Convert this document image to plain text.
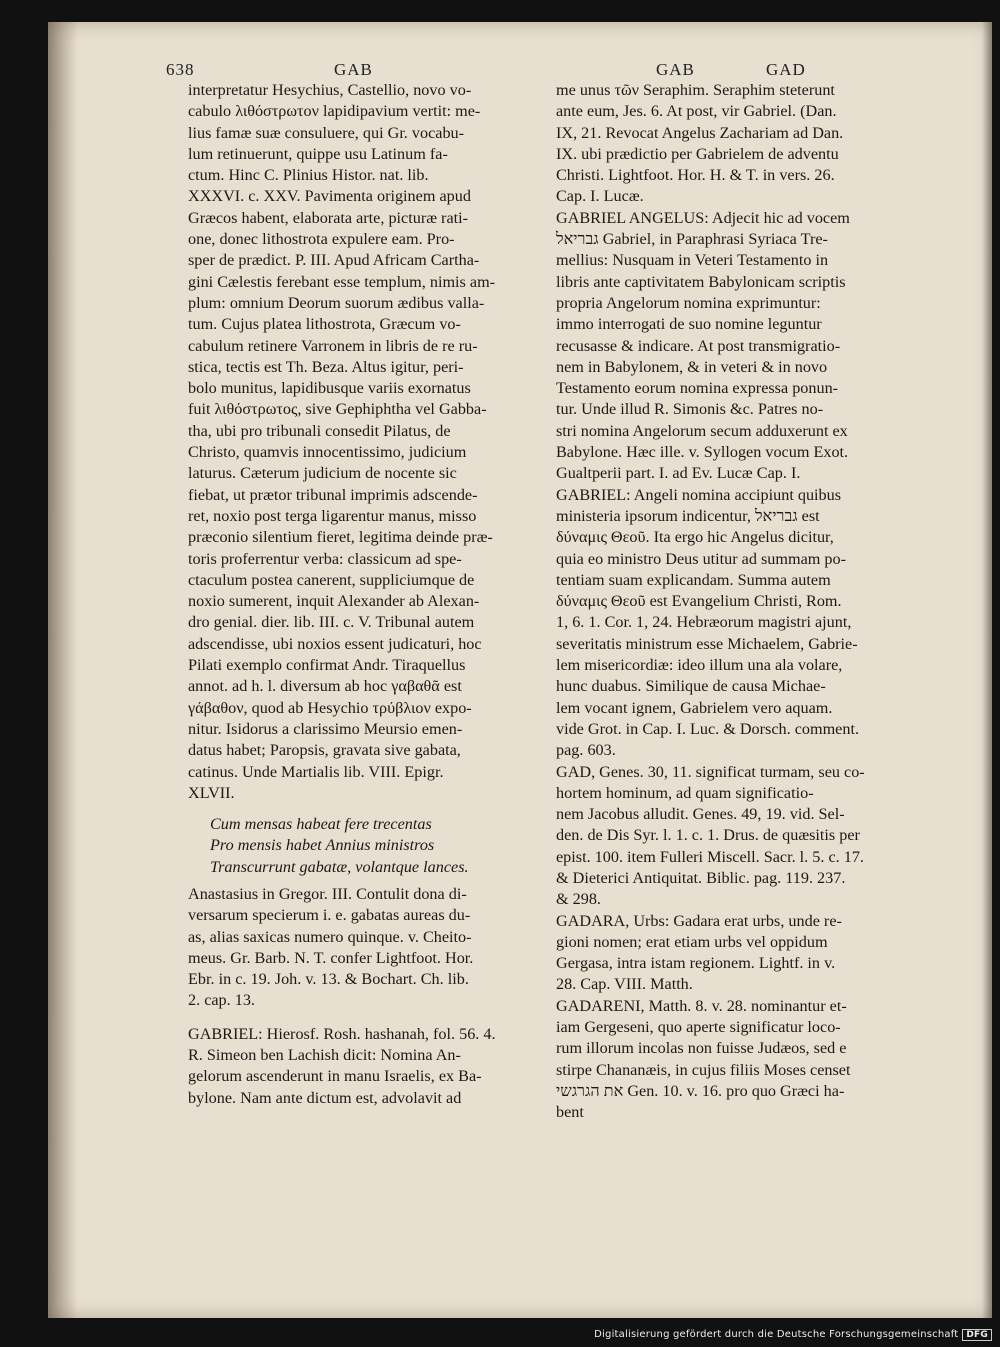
638	GAB	GAB	GAD
interpretatur Hesychius, Castellio, novo vo-
cabulo λιθόστρωτον lapidipavium vertit: me-
lius famæ suæ consuluere, qui Gr. vocabu-
lum retinuerunt, quippe usu Latinum fa-
ctum. Hinc C. Plinius Histor. nat. lib.
XXXVI. c. XXV. Pavimenta originem apud
Græcos habent, elaborata arte, picturæ rati-
one, donec lithostrota expulere eam. Pro-
sper de prædict. P. III. Apud Africam Cartha-
gini Cælestis ferebant esse templum, nimis am-
plum: omnium Deorum suorum ædibus valla-
tum. Cujus platea lithostrota, Græcum vo-
cabulum retinere Varronem in libris de re ru-
stica, tectis est Th. Beza. Altus igitur, peri-
bolo munitus, lapidibusque variis exornatus
fuit λιθόστρωτος, sive Gephiphtha vel Gabba-
tha, ubi pro tribunali consedit Pilatus, de
Christo, quamvis innocentissimo, judicium
laturus. Cæterum judicium de nocente sic
fiebat, ut prætor tribunal imprimis adscende-
ret, noxio post terga ligarentur manus, misso
præconio silentium fieret, legitima deinde præ-
toris proferrentur verba: classicum ad spe-
ctaculum postea canerent, suppliciumque de
noxio sumerent, inquit Alexander ab Alexan-
dro genial. dier. lib. III. c. V. Tribunal autem
adscendisse, ubi noxios essent judicaturi, hoc
Pilati exemplo confirmat Andr. Tiraquellus
annot. ad h. l. diversum ab hoc γαβαθᾶ est
γάβαθον, quod ab Hesychio τρύβλιον expo-
nitur. Isidorus a clarissimo Meursio emen-
datus habet; Paropsis, gravata sive gabata,
catinus. Unde Martialis lib. VIII. Epigr.
XLVII.
Cum mensas habeat fere trecentas
Pro mensis habet Annius ministros
Transcurrunt gabatæ, volantque lances.
Anastasius in Gregor. III. Contulit dona di-
versarum specierum i. e. gabatas aureas du-
as, alias saxicas numero quinque. v. Cheito-
meus. Gr. Barb. N. T. confer Lightfoot. Hor.
Ebr. in c. 19. Joh. v. 13. & Bochart. Ch. lib.
2. cap. 13.
GABRIEL: Hierosf. Rosh. hashanah, fol. 56. 4.
R. Simeon ben Lachish dicit: Nomina An-
gelorum ascenderunt in manu Israelis, ex Ba-
bylone. Nam ante dictum est, advolavit ad
me unus τῶν Seraphim. Seraphim steterunt
ante eum, Jes. 6. At post, vir Gabriel. (Dan.
IX, 21. Revocat Angelus Zachariam ad Dan.
IX. ubi prædictio per Gabrielem de adventu
Christi. Lightfoot. Hor. H. & T. in vers. 26.
Cap. I. Lucæ.
GABRIEL ANGELUS: Adjecit hic ad vocem
גבריאל Gabriel, in Paraphrasi Syriaca Tre-
mellius: Nusquam in Veteri Testamento in
libris ante captivitatem Babylonicam scriptis
propria Angelorum nomina exprimuntur:
immo interrogati de suo nomine leguntur
recusasse & indicare. At post transmigratio-
nem in Babylonem, & in veteri & in novo
Testamento eorum nomina expressa ponun-
tur. Unde illud R. Simonis &c. Patres no-
stri nomina Angelorum secum adduxerunt ex
Babylone. Hæc ille. v. Syllogen vocum Exot.
Gualtperii part. I. ad Ev. Lucæ Cap. I.
GABRIEL: Angeli nomina accipiunt quibus
ministeria ipsorum indicentur, גבריאל est
δύναμις Θεοῦ. Ita ergo hic Angelus dicitur,
quia eo ministro Deus utitur ad summam po-
tentiam suam explicandam. Summa autem
δύναμις Θεοῦ est Evangelium Christi, Rom.
1, 6. 1. Cor. 1, 24. Hebræorum magistri ajunt,
severitatis ministrum esse Michaelem, Gabrie-
lem misericordiæ: ideo illum una ala volare,
hunc duabus. Similique de causa Michae-
lem vocant ignem, Gabrielem vero aquam.
vide Grot. in Cap. I. Luc. & Dorsch. comment.
pag. 603.
GAD, Genes. 30, 11. significat turmam, seu co-
hortem hominum, ad quam significatio-
nem Jacobus alludit. Genes. 49, 19. vid. Sel-
den. de Dis Syr. l. 1. c. 1. Drus. de quæsitis per
epist. 100. item Fulleri Miscell. Sacr. l. 5. c. 17.
& Dieterici Antiquitat. Biblic. pag. 119. 237.
& 298.
GADARA, Urbs: Gadara erat urbs, unde re-
gioni nomen; erat etiam urbs vel oppidum
Gergasa, intra istam regionem. Lightf. in v.
28. Cap. VIII. Matth.
GADARENI, Matth. 8. v. 28. nominantur et-
iam Gergeseni, quo aperte significatur loco-
rum illorum incolas non fuisse Judæos, sed e
stirpe Chananæis, in cujus filiis Moses censet
את הגרגשי Gen. 10. v. 16. pro quo Græci ha-
bent
Digitalisierung gefördert durch die Deutsche Forschungsgemeinschaft DFG
